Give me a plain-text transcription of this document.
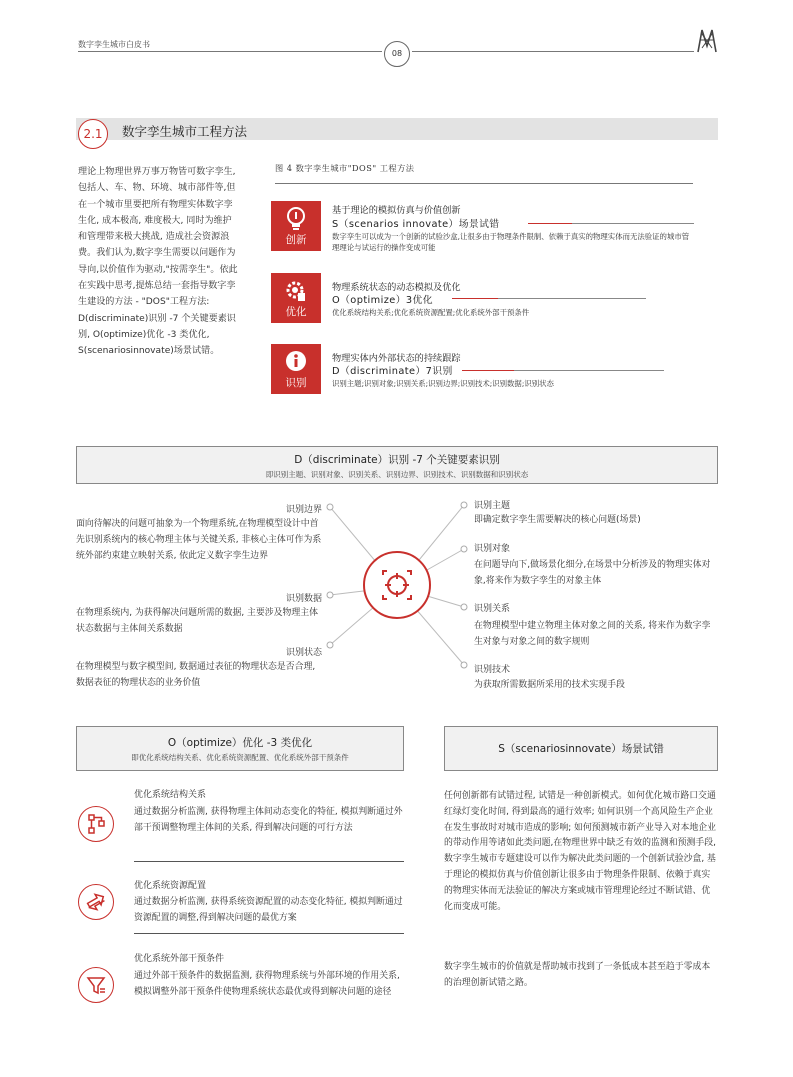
数字孪生城市白皮书
08
2.1	数字孪生城市工程方法
理论上物理世界万事万物皆可数字孪生, 包括人、车、物、环境、城市部件等,但在一个城市里要把所有物理实体数字孪生化, 成本极高, 难度极大, 同时为维护和管理带来极大挑战, 造成社会资源浪费。我们认为,数字孪生需要以问题作为导向,以价值作为驱动,"按需孪生"。依此在实践中思考,提炼总结一套指导数字孪生建设的方法 - "DOS"工程方法: D(discriminate)识别 -7 个关键要素识别, O(optimize)优化 -3 类优化, S(scenariosinnovate)场景试错。
图 4 数字孪生城市"DOS" 工程方法
创新
基于理论的模拟仿真与价值创新
S（scenarios innovate）场景试错
数字孪生可以成为一个创新的试验沙盒,让很多由于物理条件限制、依赖于真实的物理实体而无法验证的城市管理理论与试运行的操作变成可能
优化
物理系统状态的动态模拟及优化
O（optimize）3优化
优化系统结构关系;优化系统资源配置;优化系统外部干预条件
识别
物理实体内外部状态的持续跟踪
D（discriminate）7识别
识别主题;识别对象;识别关系;识别边界;识别技术;识别数据;识别状态
D（discriminate）识别 -7 个关键要素识别
即识别主题、识别对象、识别关系、识别边界、识别技术、识别数据和识别状态
识别边界
面向待解决的问题可抽象为一个物理系统,在物理模型设计中首先识别系统内的核心物理主体与关键关系, 非核心主体可作为系统外部约束建立映射关系, 依此定义数字孪生边界
识别数据
在物理系统内, 为获得解决问题所需的数据, 主要涉及物理主体状态数据与主体间关系数据
识别状态
在物理模型与数字模型间, 数据通过表征的物理状态是否合理, 数据表征的物理状态的业务价值
识别主题
即确定数字孪生需要解决的核心问题(场景)
识别对象
在问题导向下,做场景化细分,在场景中分析涉及的物理实体对象,将来作为数字孪生的对象主体
识别关系
在物理模型中建立物理主体对象之间的关系, 将来作为数字孪生对象与对象之间的数字规则
识别技术
为获取所需数据所采用的技术实现手段
O（optimize）优化 -3 类优化
即优化系统结构关系、优化系统资源配置、优化系统外部干预条件
S（scenariosinnovate）场景试错
优化系统结构关系
通过数据分析监测, 获得物理主体间动态变化的特征, 模拟判断通过外部干预调整物理主体间的关系, 得到解决问题的可行方法
优化系统资源配置
通过数据分析监测, 获得系统资源配置的动态变化特征, 模拟判断通过资源配置的调整,得到解决问题的最优方案
优化系统外部干预条件
通过外部干预条件的数据监测, 获得物理系统与外部环境的作用关系, 模拟调整外部干预条件使物理系统状态最优或得到解决问题的途径
任何创新都有试错过程, 试错是一种创新模式。如何优化城市路口交通红绿灯变化时间, 得到最高的通行效率; 如何识别一个高风险生产企业在发生事故时对城市造成的影响; 如何预测城市新产业导入对本地企业的带动作用等诸如此类问题,在物理世界中缺乏有效的监测和预测手段,数字孪生城市专题建设可以作为解决此类问题的一个创新试验沙盒, 基于理论的模拟仿真与价值创新让很多由于物理条件限制、依赖于真实的物理实体而无法验证的解决方案或城市管理理论经过不断试错、优化而变成可能。
数字孪生城市的价值就是帮助城市找到了一条低成本甚至趋于零成本的治理创新试错之路。
